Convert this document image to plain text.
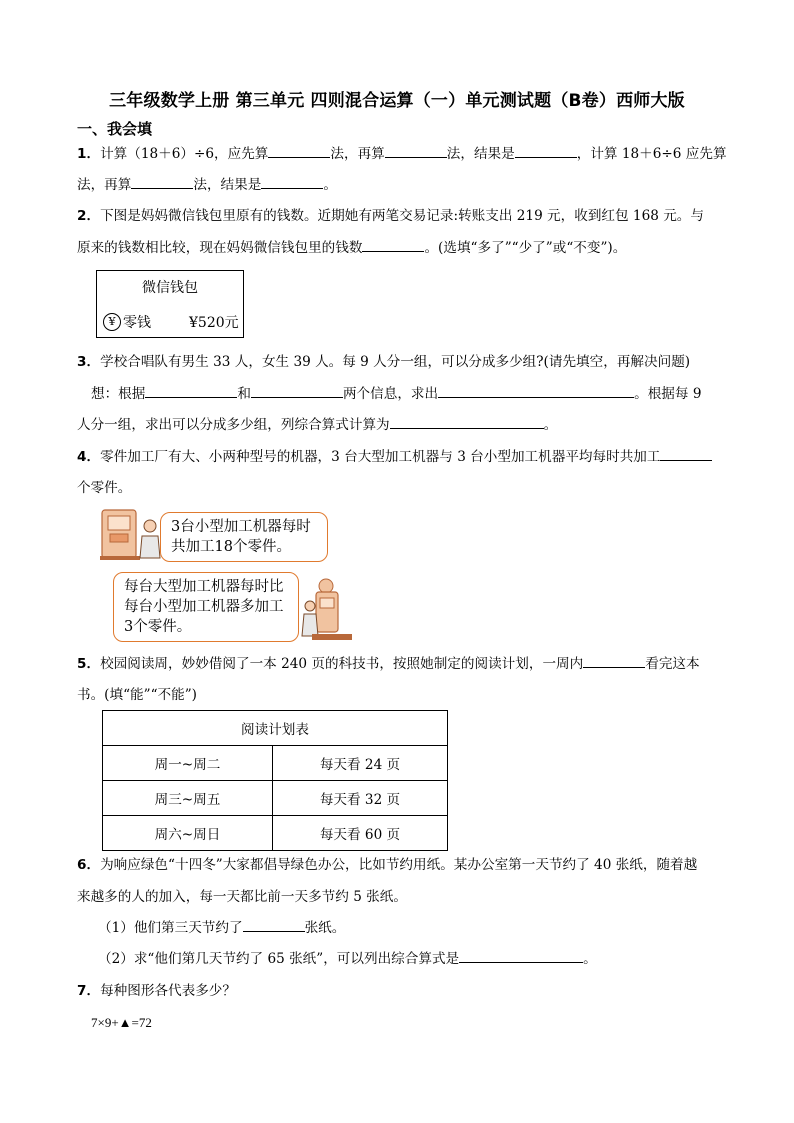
三年级数学上册 第三单元 四则混合运算（一）单元测试题（B卷）西师大版
一、我会填
1．计算（18＋6）÷6，应先算	法，再算	法，结果是	，计算 18＋6÷6 应先算
法，再算	法，结果是	。
2．下图是妈妈微信钱包里原有的钱数。近期她有两笔交易记录:转账支出 219 元，收到红包 168 元。与
原来的钱数相比较，现在妈妈微信钱包里的钱数	。(选填“多了”“少了”或“不变”)。
微信钱包
¥ 零钱	¥520元
3．学校合唱队有男生 33 人，女生 39 人。每 9 人分一组，可以分成多少组?(请先填空，再解决问题)
想：根据	和	两个信息，求出	。根据每 9
人分一组，求出可以分成多少组，列综合算式计算为	。
4．零件加工厂有大、小两种型号的机器，3 台大型加工机器与 3 台小型加工机器平均每时共加工
个零件。
3台小型加工机器每时共加工18个零件。
每台大型加工机器每时比每台小型加工机器多加工3个零件。
5．校园阅读周，妙妙借阅了一本 240 页的科技书，按照她制定的阅读计划，一周内	看完这本
书。(填“能”“不能”)
阅读计划表	
周一~周二	每天看 24 页
周三~周五	每天看 32 页
周六~周日	每天看 60 页
6．为响应绿色“十四冬”大家都倡导绿色办公，比如节约用纸。某办公室第一天节约了 40 张纸，随着越
来越多的人的加入，每一天都比前一天多节约 5 张纸。
（1）他们第三天节约了	张纸。
（2）求“他们第几天节约了 65 张纸”，可以列出综合算式是	。
7．每种图形各代表多少？
7×9+▲=72
